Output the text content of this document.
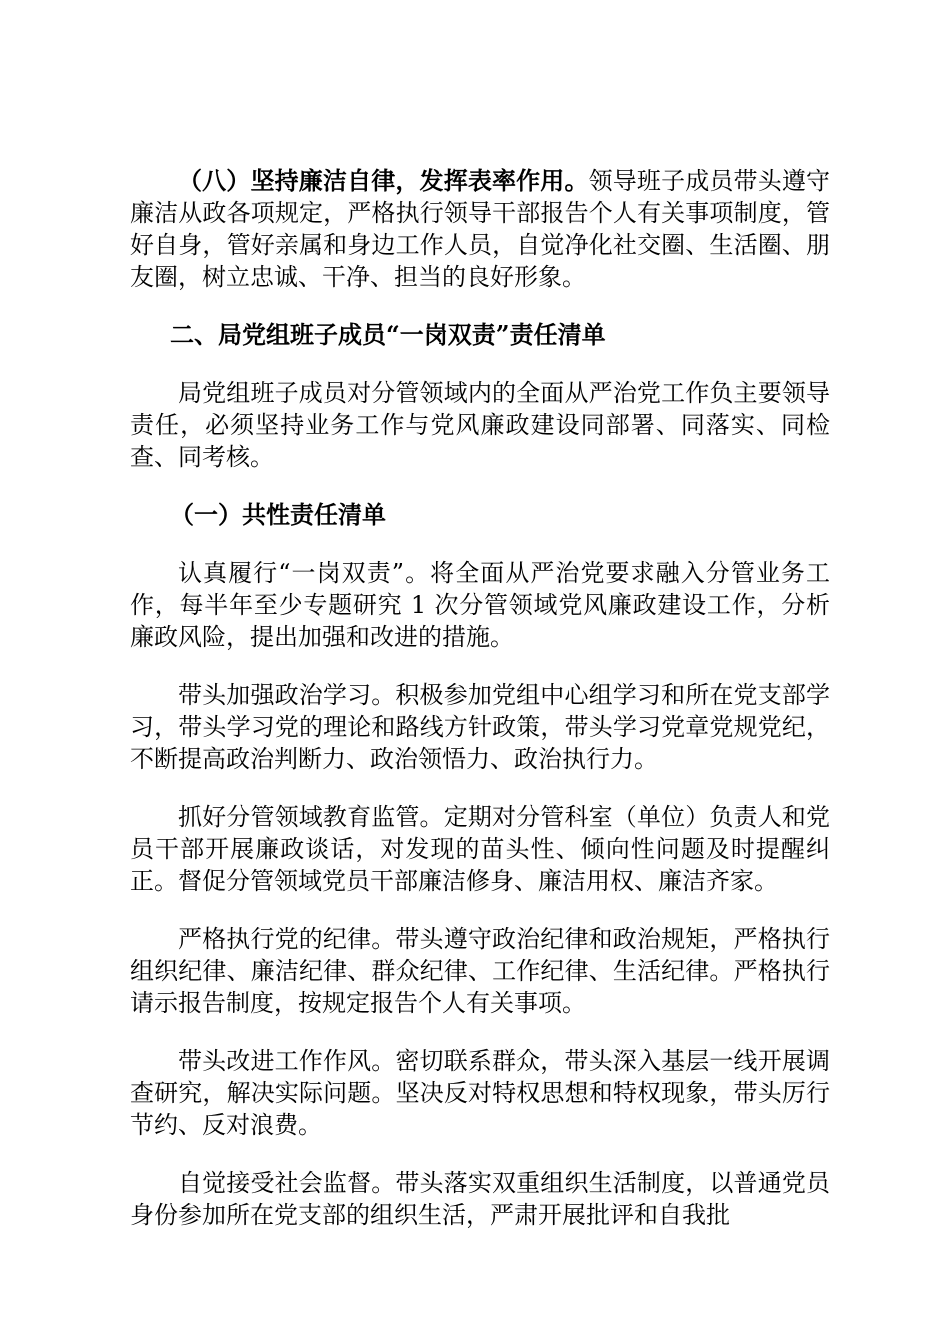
（八）坚持廉洁自律，发挥表率作用。领导班子成员带头遵守廉洁从政各项规定，严格执行领导干部报告个人有关事项制度，管好自身，管好亲属和身边工作人员，自觉净化社交圈、生活圈、朋友圈，树立忠诚、干净、担当的良好形象。

二、局党组班子成员“一岗双责”责任清单

局党组班子成员对分管领域内的全面从严治党工作负主要领导责任，必须坚持业务工作与党风廉政建设同部署、同落实、同检查、同考核。

（一）共性责任清单

认真履行“一岗双责”。将全面从严治党要求融入分管业务工作，每半年至少专题研究 1 次分管领域党风廉政建设工作，分析廉政风险，提出加强和改进的措施。

带头加强政治学习。积极参加党组中心组学习和所在党支部学习，带头学习党的理论和路线方针政策，带头学习党章党规党纪，不断提高政治判断力、政治领悟力、政治执行力。

抓好分管领域教育监管。定期对分管科室（单位）负责人和党员干部开展廉政谈话，对发现的苗头性、倾向性问题及时提醒纠正。督促分管领域党员干部廉洁修身、廉洁用权、廉洁齐家。

严格执行党的纪律。带头遵守政治纪律和政治规矩，严格执行组织纪律、廉洁纪律、群众纪律、工作纪律、生活纪律。严格执行请示报告制度，按规定报告个人有关事项。

带头改进工作作风。密切联系群众，带头深入基层一线开展调查研究，解决实际问题。坚决反对特权思想和特权现象，带头厉行节约、反对浪费。

自觉接受社会监督。带头落实双重组织生活制度，以普通党员身份参加所在党支部的组织生活，严肃开展批评和自我批
